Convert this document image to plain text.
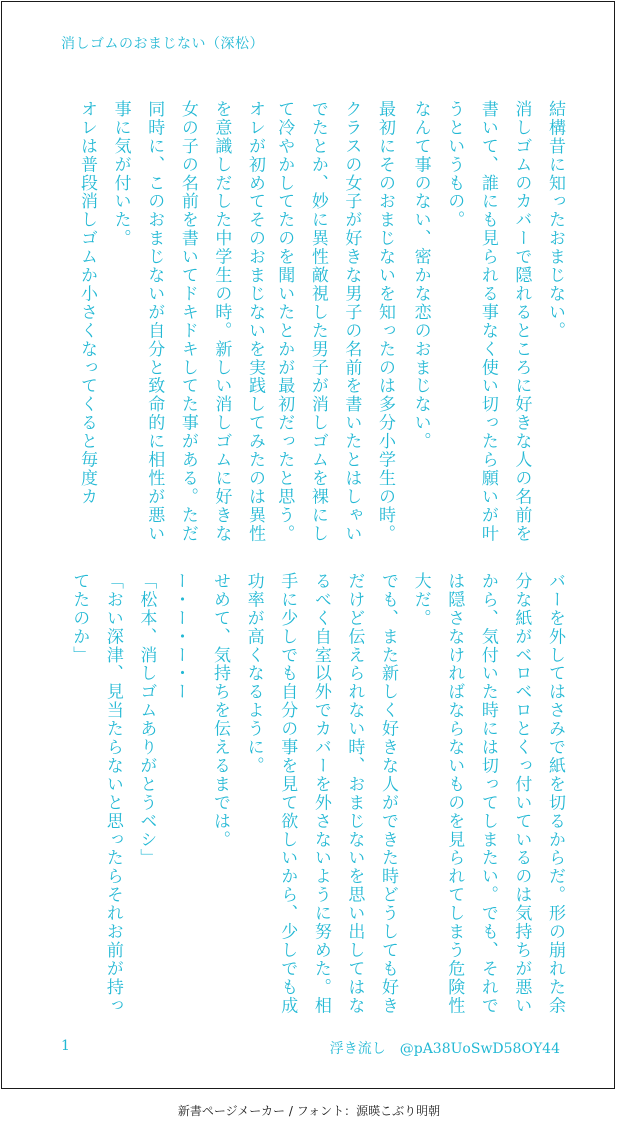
消しゴムのおまじない（深松）
結構昔に知ったおまじない。
消しゴムのカバーで隠れるところに好きな人の名前を書いて、誰にも見られる事なく使い切ったら願いが叶うというもの。
なんて事のない、密かな恋のおまじない。
最初にそのおまじないを知ったのは多分小学生の時。クラスの女子が好きな男子の名前を書いたとはしゃいでたとか、妙に異性敵視した男子が消しゴムを裸にして冷やかしてたのを聞いたとかが最初だったと思う。
オレが初めてそのおまじないを実践してみたのは異性を意識しだした中学生の時。新しい消しゴムに好きな女の子の名前を書いてドキドキしてた事がある。ただ同時に、このおまじないが自分と致命的に相性が悪い事に気が付いた。
オレは普段消しゴムか小さくなってくると毎度カ
バーを外してはさみで紙を切るからだ。形の崩れた余分な紙がベロベロとくっ付いているのは気持ちが悪いから、気付いた時には切ってしまたい。でも、それでは隠さなければならないものを見られてしまう危険性大だ。
でも、また新しく好きな人ができた時どうしても好きだけど伝えられない時、おまじないを思い出してはなるべく自室以外でカバーを外さないように努めた。相手に少しでも自分の事を見て欲しいから、少しでも成功率が高くなるように。
せめて、気持ちを伝えるまでは。
ー・ー・ー・ー
「松本、消しゴムありがとうベシ」
「おい深津、見当たらないと思ったらそれお前が持ってたのか」
1	浮き流し @pA38UoSwD58OY44
新書ページメーカー / フォント：源暎こぶり明朝
